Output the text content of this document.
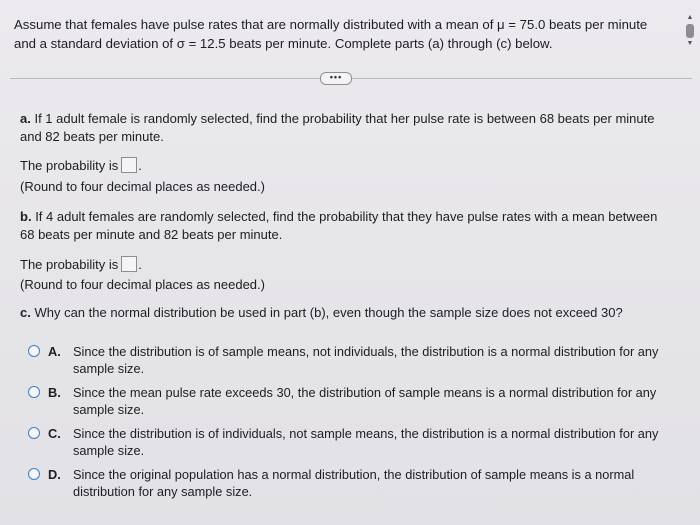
Assume that females have pulse rates that are normally distributed with a mean of μ = 75.0 beats per minute

and a standard deviation of σ = 12.5 beats per minute. Complete parts (a) through (c) below.

▲
▼
•••
a. If 1 adult female is randomly selected, find the probability that her pulse rate is between 68 beats per minute and 82 beats per minute.
The probability is .
(Round to four decimal places as needed.)
b. If 4 adult females are randomly selected, find the probability that they have pulse rates with a mean between 68 beats per minute and 82 beats per minute.
The probability is .
(Round to four decimal places as needed.)
c. Why can the normal distribution be used in part (b), even though the sample size does not exceed 30?
A. Since the distribution is of sample means, not individuals, the distribution is a normal distribution for any sample size.
B. Since the mean pulse rate exceeds 30, the distribution of sample means is a normal distribution for any sample size.
C. Since the distribution is of individuals, not sample means, the distribution is a normal distribution for any sample size.
D. Since the original population has a normal distribution, the distribution of sample means is a normal distribution for any sample size.
